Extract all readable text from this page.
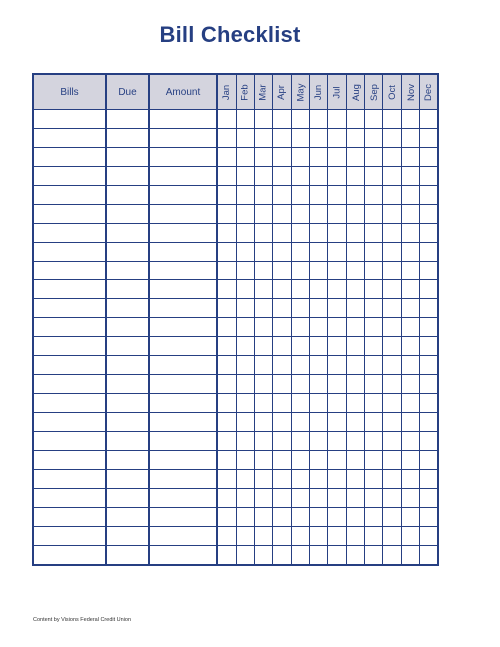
Bill Checklist
Bills	Due	Amount	Jan	Feb	Mar	Apr	May	Jun	Jul	Aug	Sep	Oct	Nov	Dec

Content by Visions Federal Credit Union
